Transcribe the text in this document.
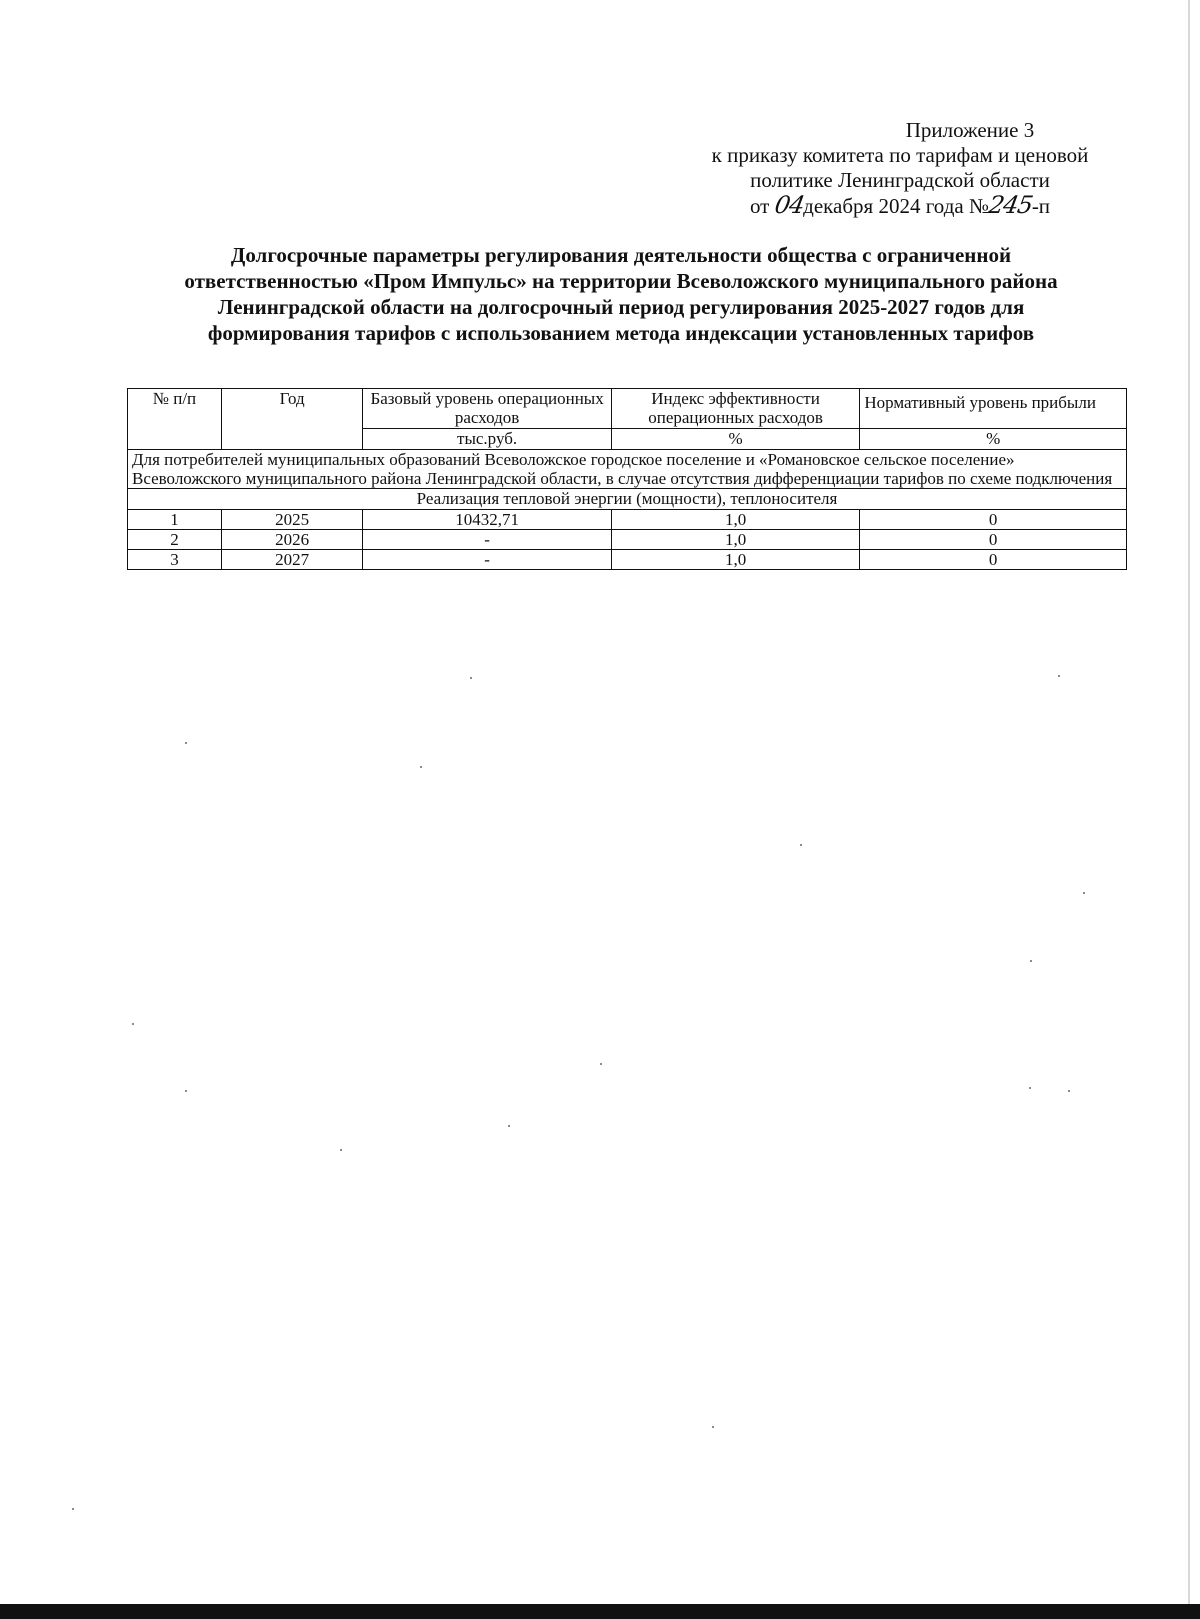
Приложение 3
к приказу комитета по тарифам и ценовой
политике Ленинградской области
от 04декабря 2024 года №245-п
Долгосрочные параметры регулирования деятельности общества с ограниченной
ответственностью «Пром Импульс» на территории Всеволожского муниципального района
Ленинградской области на долгосрочный период регулирования 2025-2027 годов для
формирования тарифов с использованием метода индексации установленных тарифов
№ п/п	Год	Базовый уровень операционных расходов	Индекс эффективности операционных расходов	Нормативный уровень прибыли
		тыс.руб.	%	%
Для потребителей муниципальных образований Всеволожское городское поселение и «Романовское сельское поселение» Всеволожского муниципального района Ленинградской области, в случае отсутствия дифференциации тарифов по схеме подключения				
Реализация тепловой энергии (мощности), теплоносителя				
1	2025	10432,71	1,0	0
2	2026	-	1,0	0
3	2027	-	1,0	0
